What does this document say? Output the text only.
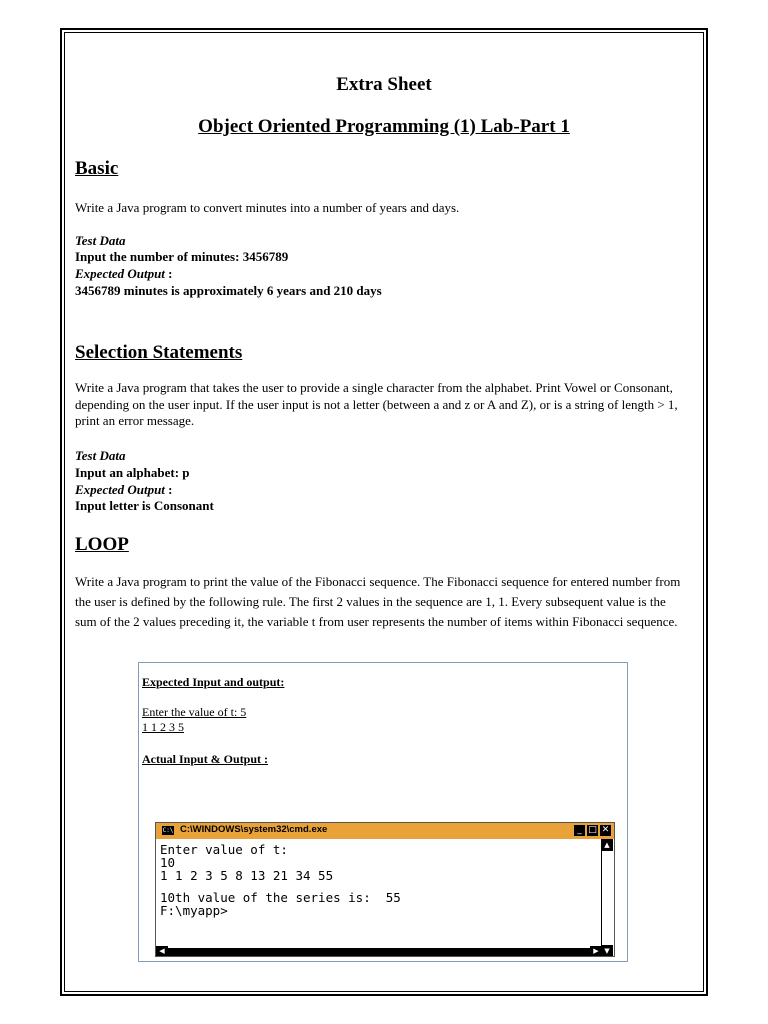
Extra Sheet
Object Oriented Programming (1) Lab-Part 1
Basic
Write a Java program to convert minutes into a number of years and days.
Test Data
Input the number of minutes: 3456789
Expected Output :
3456789 minutes is approximately 6 years and 210 days
Selection Statements
Write a Java program that takes the user to provide a single character from the alphabet. Print Vowel or Consonant, depending on the user input. If the user input is not a letter (between a and z or A and Z), or is a string of length > 1, print an error message.
Test Data
Input an alphabet: p
Expected Output :
Input letter is Consonant
LOOP
Write a Java program to print the value of the Fibonacci sequence. The Fibonacci sequence for entered number from the user is defined by the following rule. The first 2 values in the sequence are 1, 1. Every subsequent value is the sum of the 2 values preceding it, the variable t from user represents the number of items within Fibonacci sequence.
Expected Input and output:
Enter the value of t: 5
1 1 2 3 5
Actual Input & Output :
C:\ C:\WINDOWS\system32\cmd.exe	_ □ ✕
Enter value of t:
10
1 1 2 3 5 8 13 21 34 55
10th value of the series is:  55
F:\myapp>
▲
▼
◀	▶
